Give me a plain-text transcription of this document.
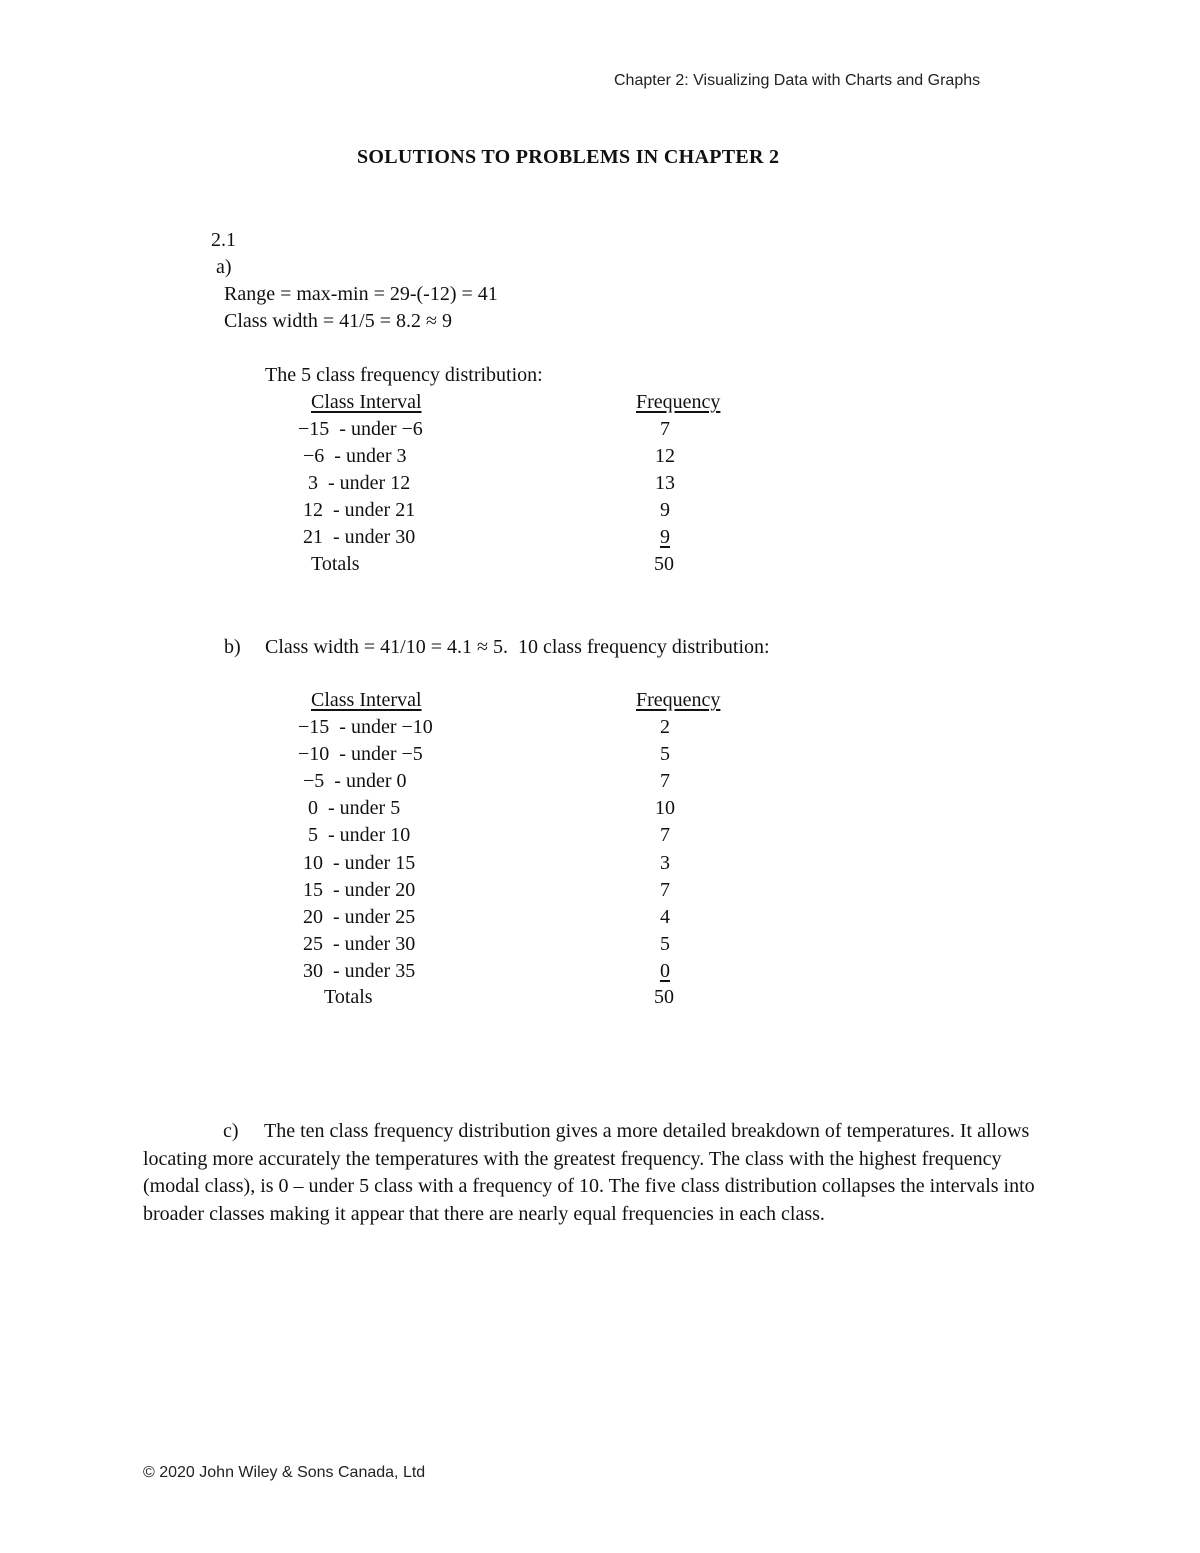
Chapter 2: Visualizing Data with Charts and Graphs
SOLUTIONS TO PROBLEMS IN CHAPTER 2
2.1
a)
Range = max-min = 29-(-12) = 41
Class width = 41/5 = 8.2 ≈ 9
The 5 class frequency distribution:
Class Interval	Frequency
−15  - under −6	7
−6  - under 3	12
3  - under 12	13
12  - under 21	9
21  - under 30	9
Totals	50
b) Class width = 41/10 = 4.1 ≈ 5.  10 class frequency distribution:
Class Interval	Frequency
−15  - under −10	2
−10  - under −5	5
−5  - under 0	7
0  - under 5	10
5  - under 10	7
10  - under 15	3
15  - under 20	7
20  - under 25	4
25  - under 30	5
30  - under 35	0
Totals	50
c) The ten class frequency distribution gives a more detailed breakdown of temperatures. It allows locating more accurately the temperatures with the greatest frequency. The class with the highest frequency (modal class), is 0 – under 5 class with a frequency of 10. The five class distribution collapses the intervals into broader classes making it appear that there are nearly equal frequencies in each class.
© 2020 John Wiley & Sons Canada, Ltd
